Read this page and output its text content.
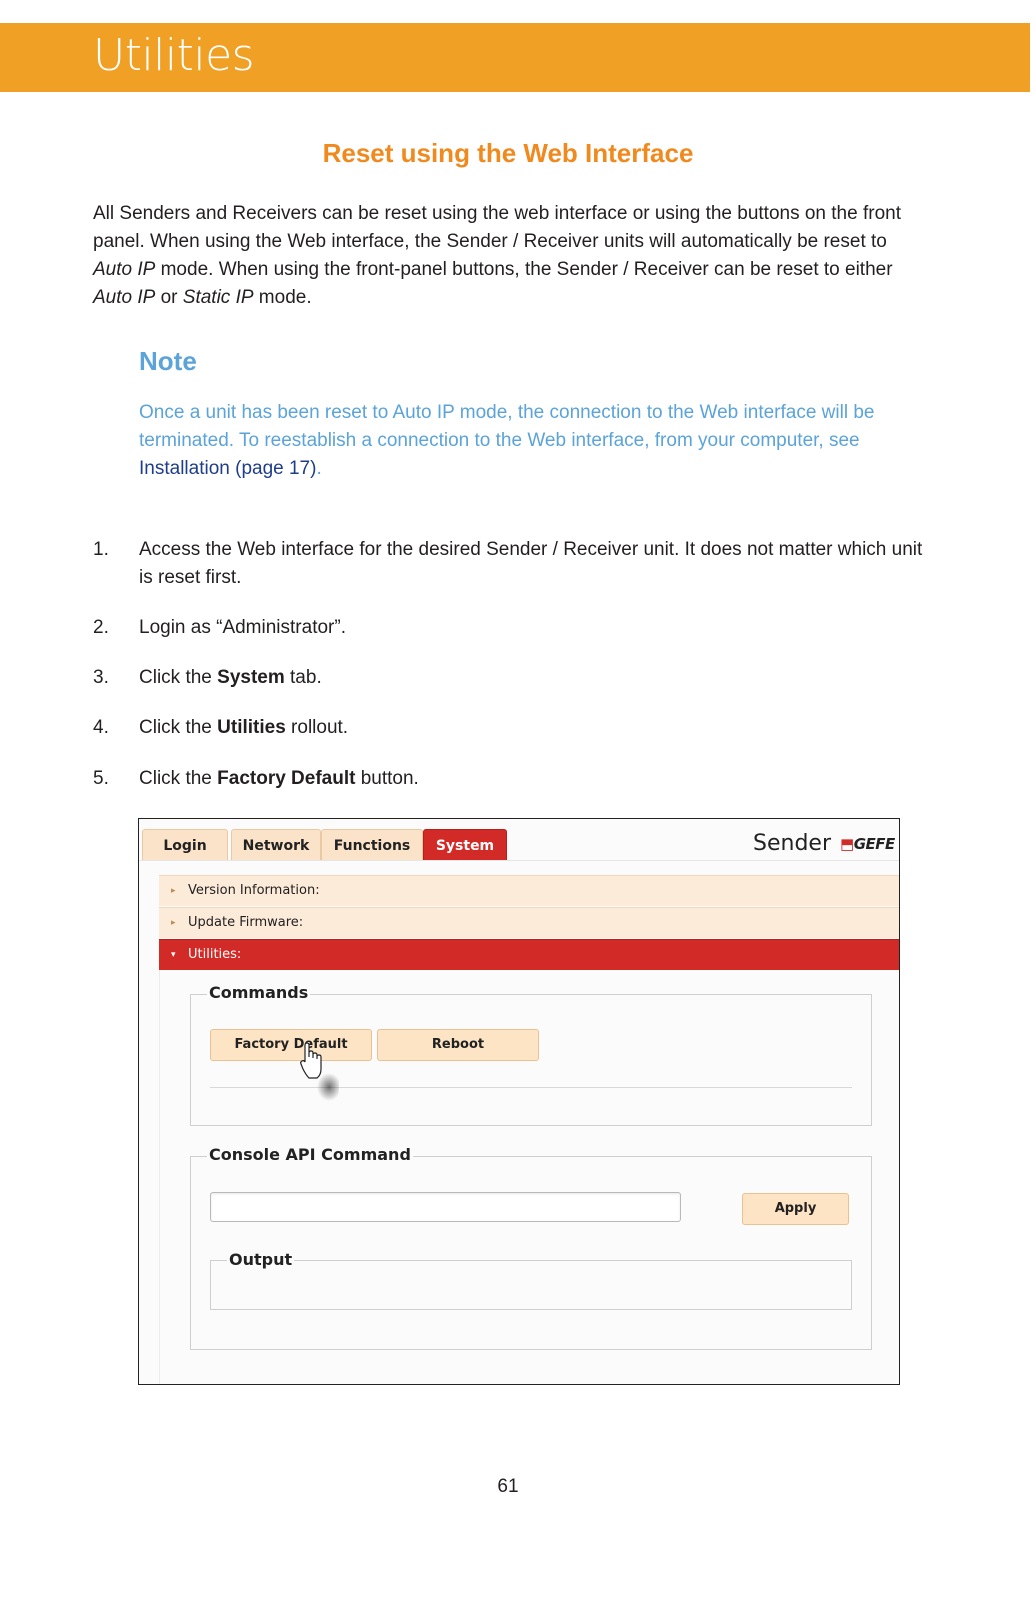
Utilities
Reset using the Web Interface
All Senders and Receivers can be reset using the web interface or using the buttons on the front panel. When using the Web interface, the Sender / Receiver units will automatically be reset to Auto IP mode. When using the front-panel buttons, the Sender / Receiver can be reset to either Auto IP or Static IP mode.
Note
Once a unit has been reset to Auto IP mode, the connection to the Web interface will be terminated. To reestablish a connection to the Web interface, from your computer, see Installation (page 17).
1. Access the Web interface for the desired Sender / Receiver unit. It does not matter which unit is reset first.
2. Login as “Administrator”.
3. Click the System tab.
4. Click the Utilities rollout.
5. Click the Factory Default button.
Login	Network	Functions	System	Sender ⬒GEFE
▸ Version Information:
▸ Update Firmware:
▾ Utilities:
Commands
Factory Default	Reboot
Console API Command
Apply
Output
61
